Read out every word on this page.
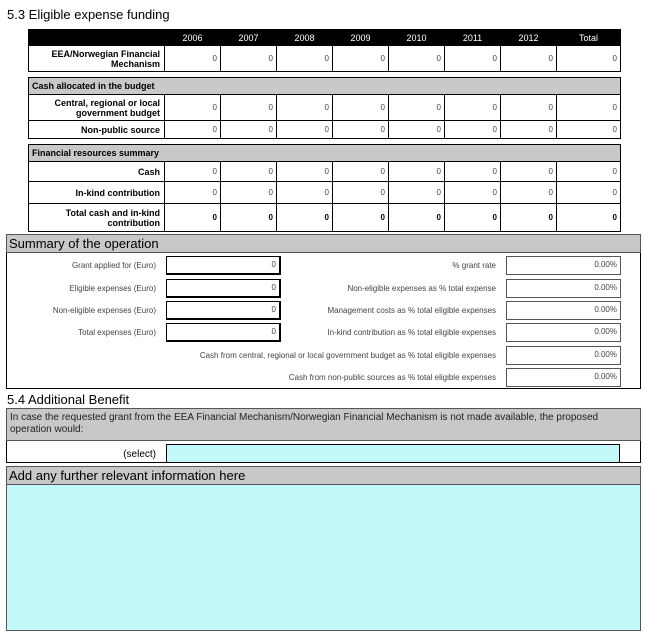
5.3 Eligible expense funding
	2006	2007	2008	2009	2010	2011	2012	Total
EEA/Norwegian Financial Mechanism	0	0	0	0	0	0	0	0

Cash allocated in the budget								
Central, regional or local government budget	0	0	0	0	0	0	0	0
Non-public source	0	0	0	0	0	0	0	0

Financial resources summary								
Cash	0	0	0	0	0	0	0	0
In-kind contribution	0	0	0	0	0	0	0	0
Total cash and in-kind contribution	0	0	0	0	0	0	0	0
Summary of the operation
Grant applied for (Euro)	0
Eligible expenses (Euro)	0
Non-eligible expenses (Euro)	0
Total expenses (Euro)	0
% grant rate	0.00%
Non-eligible expenses as % total expense	0.00%
Management costs as % total eligible expenses	0.00%
In-kind contribution as % total eligible expenses	0.00%
Cash from central, regional or local government budget as % total eligible expenses	0.00%
Cash from non-public sources as % total eligible expenses	0.00%
5.4 Additional Benefit
In case the requested grant from the EEA Financial Mechanism/Norwegian Financial Mechanism is not made available, the proposed operation would:
(select)
Add any further relevant information here
